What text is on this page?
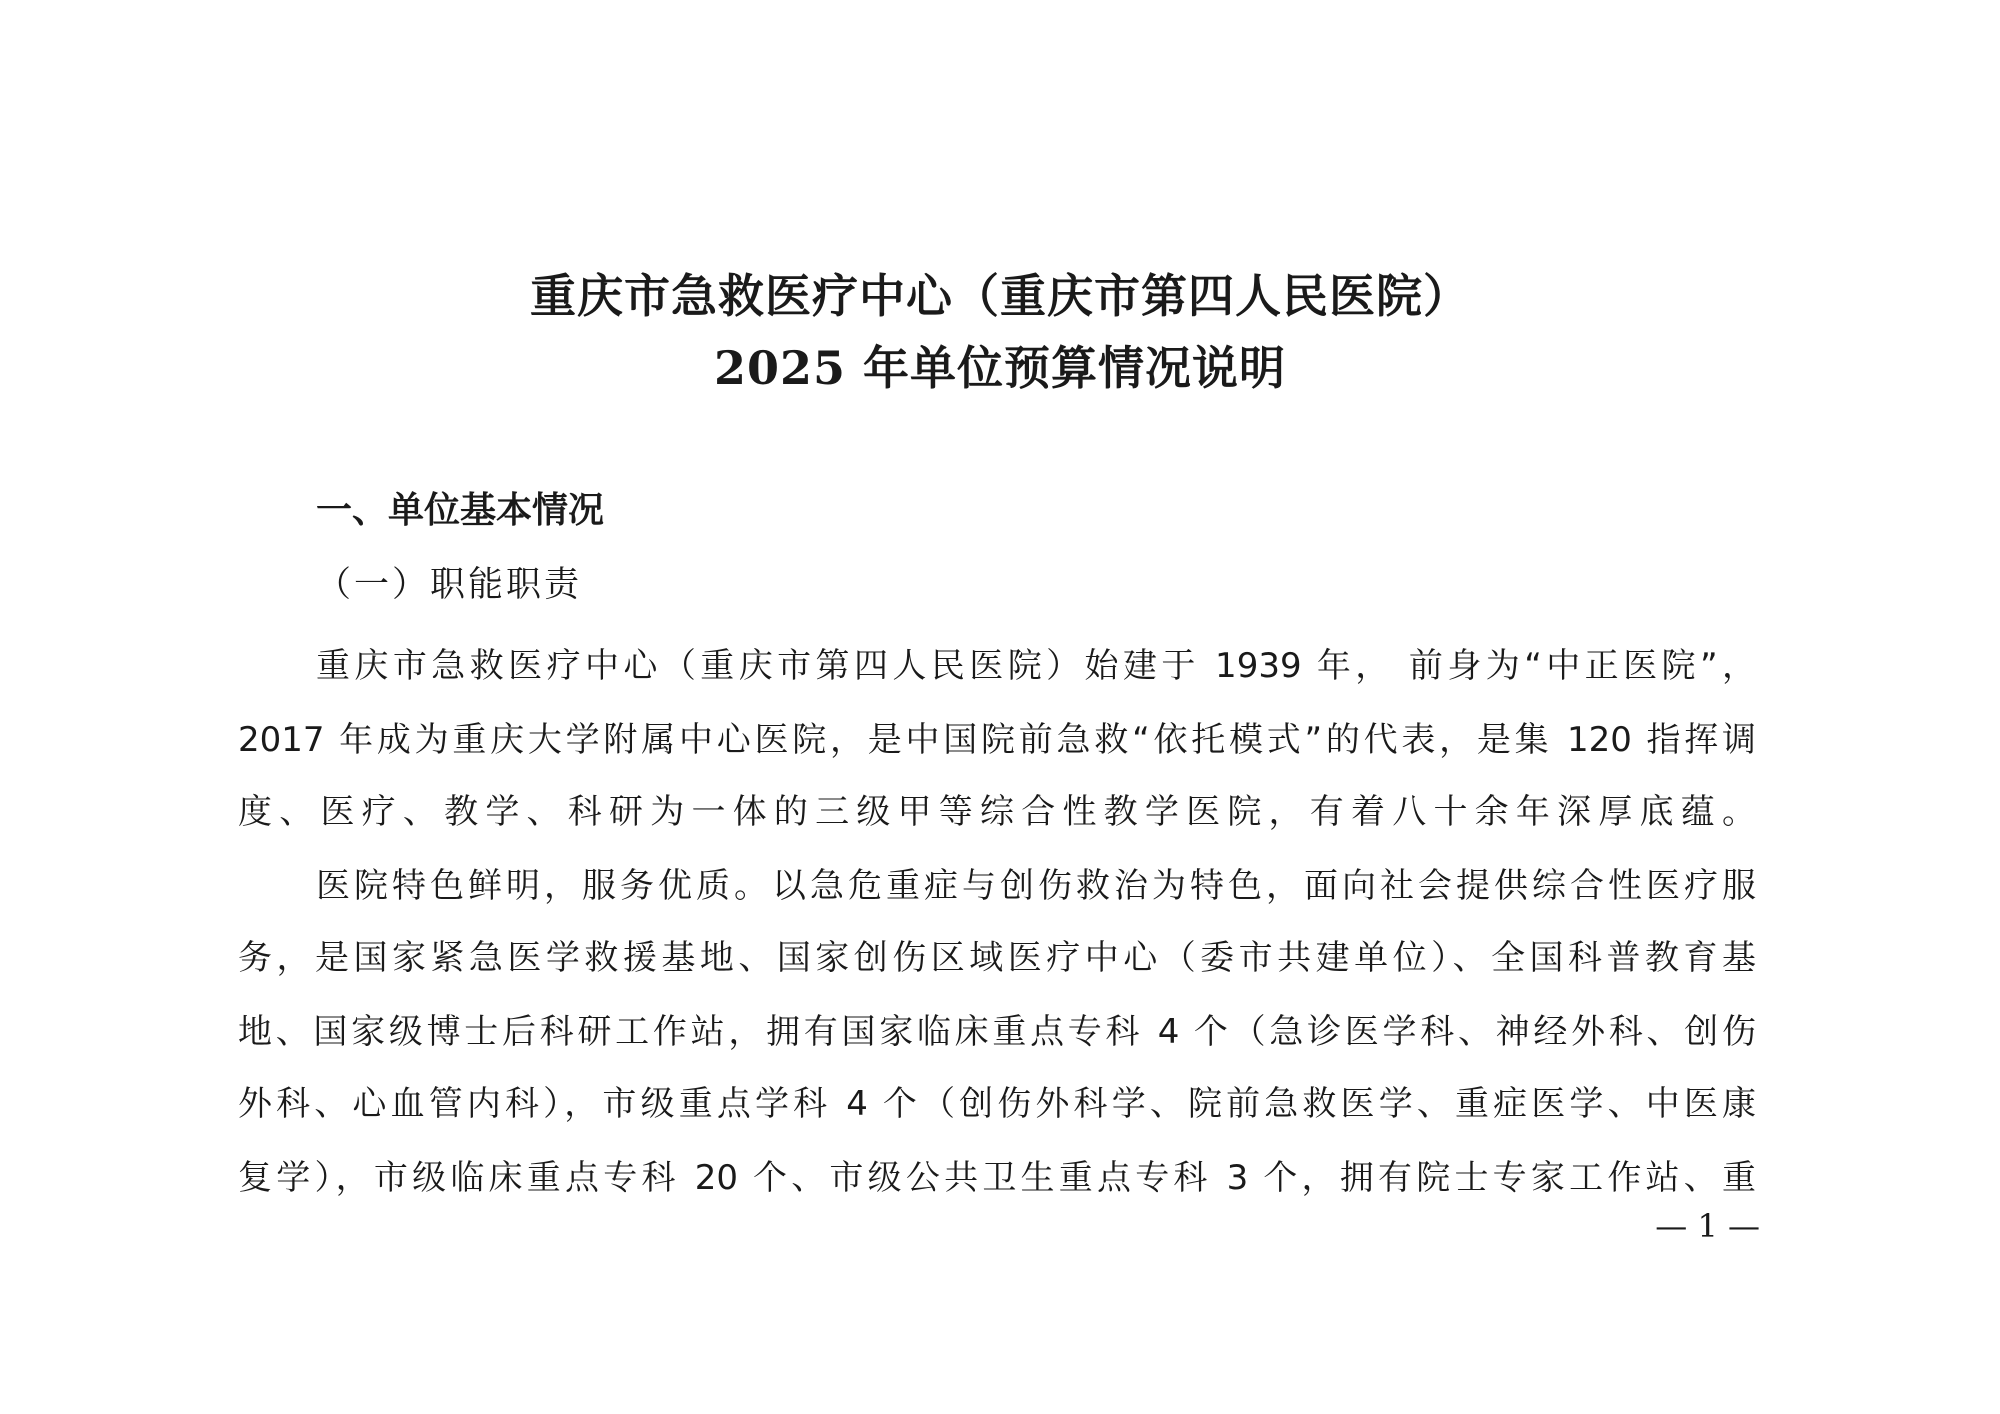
重庆市急救医疗中心（重庆市第四人民医院）
2025 年单位预算情况说明
一、单位基本情况
（一）职能职责
重庆市急救医疗中心（重庆市第四人民医院）始建于 1939 年， 前身为“中正医院”，
2017 年成为重庆大学附属中心医院，是中国院前急救“依托模式”的代表，是集 120 指挥调
度、医疗、教学、科研为一体的三级甲等综合性教学医院，有着八十余年深厚底蕴。
医院特色鲜明，服务优质。以急危重症与创伤救治为特色，面向社会提供综合性医疗服
务，是国家紧急医学救援基地、国家创伤区域医疗中心（委市共建单位）、全国科普教育基
地、国家级博士后科研工作站，拥有国家临床重点专科 4 个（急诊医学科、神经外科、创伤
外科、心血管内科），市级重点学科 4 个（创伤外科学、院前急救医学、重症医学、中医康
复学），市级临床重点专科 20 个、市级公共卫生重点专科 3 个，拥有院士专家工作站、重
— 1 —
